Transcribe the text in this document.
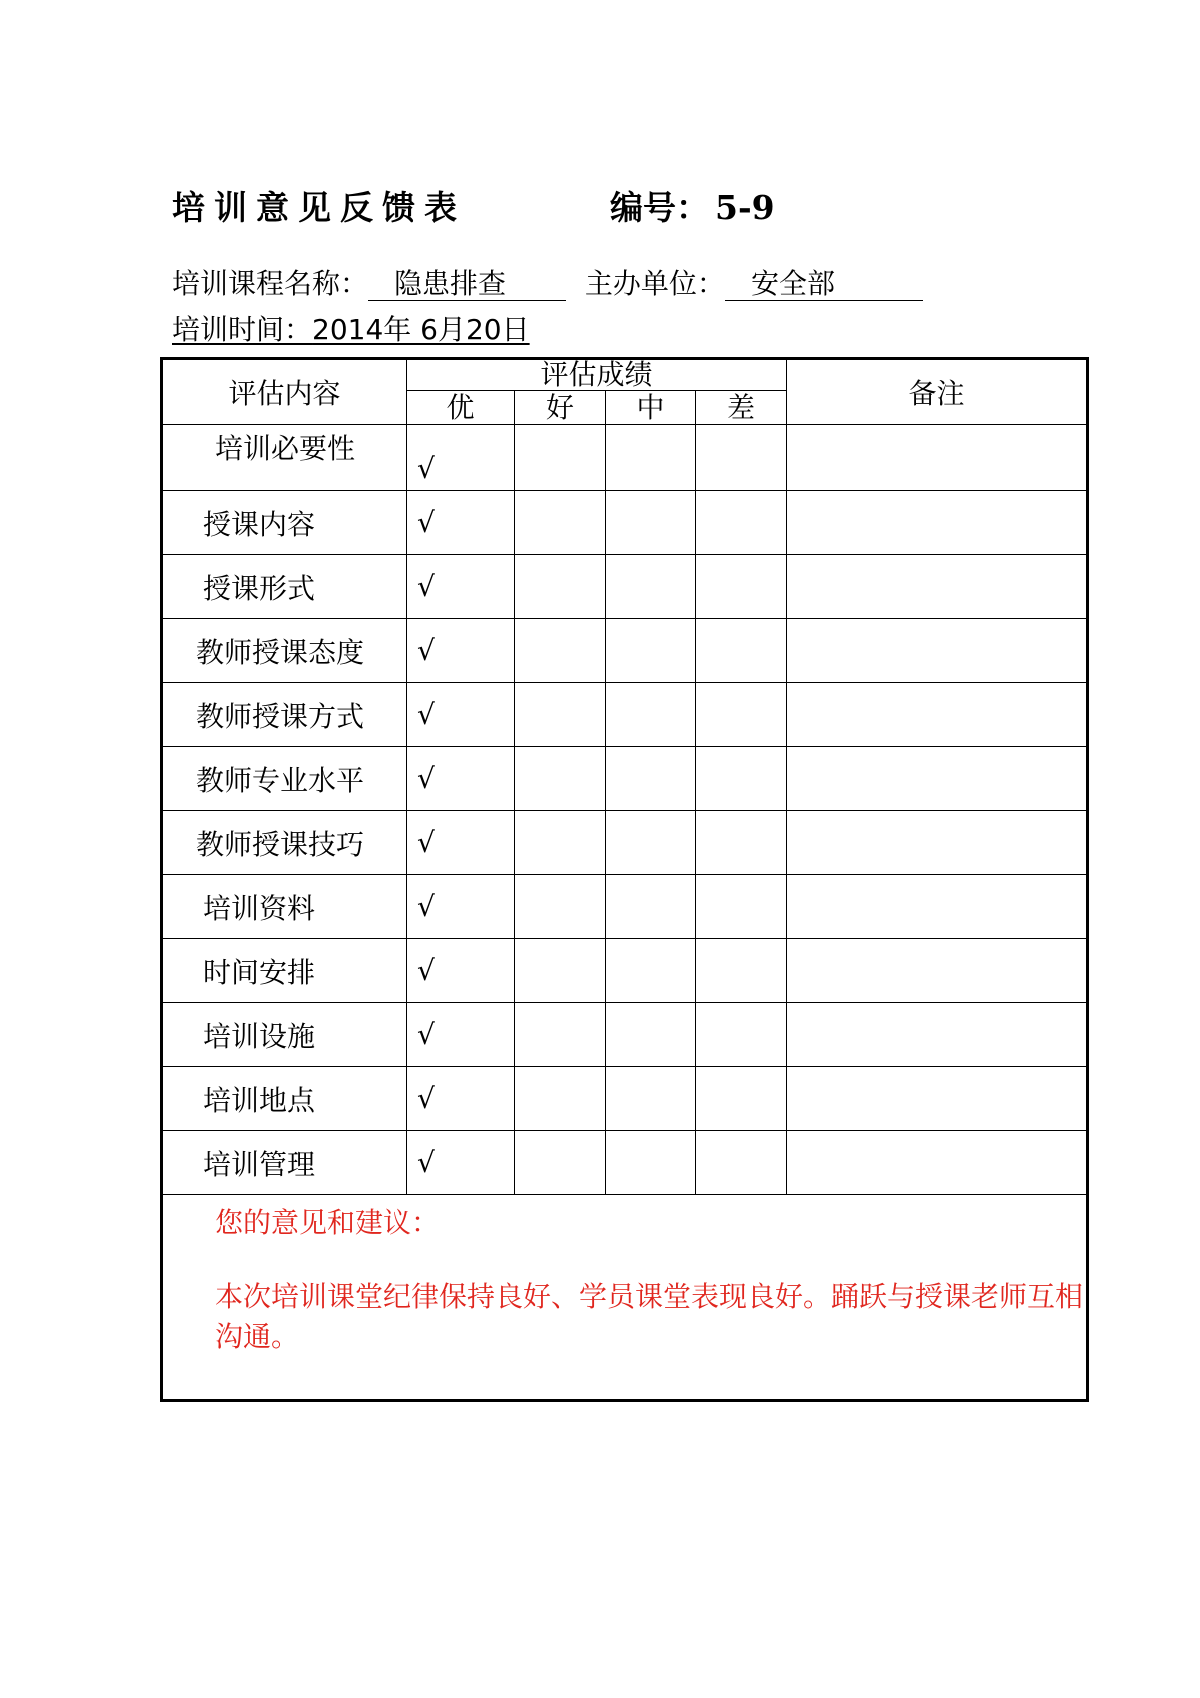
培训意见反馈表	编号： 5-9
培训课程名称： 隐患排查	主办单位： 安全部
培训时间：2014年 6月20日
评估内容	评估成绩				备注
	优	好	中	差	
培训必要性	√				
授课内容	√				
授课形式	√				
教师授课态度	√				
教师授课方式	√				
教师专业水平	√				
教师授课技巧	√				
培训资料	√				
时间安排	√				
培训设施	√				
培训地点	√				
培训管理	√				

您的意见和建议：
本次培训课堂纪律保持良好、学员课堂表现良好。踊跃与授课老师互相沟通。					
